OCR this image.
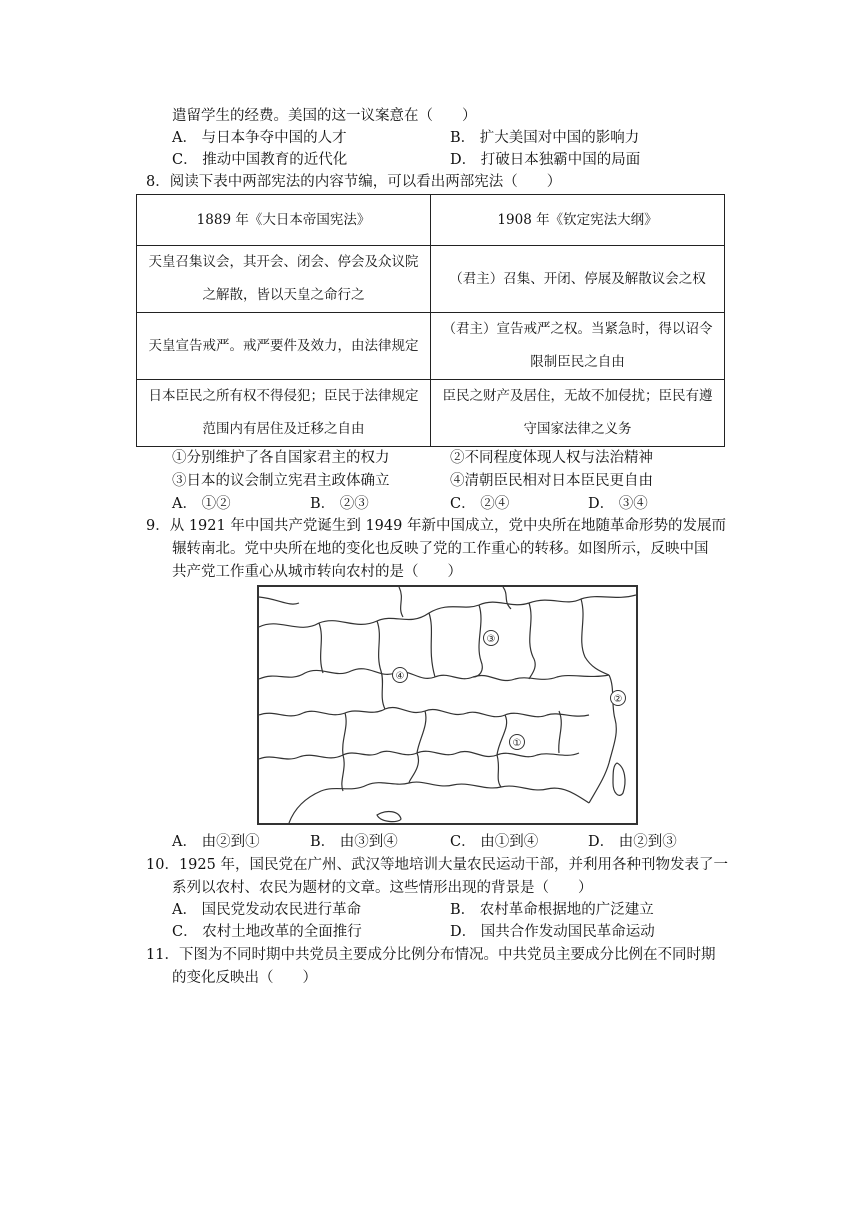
遣留学生的经费。美国的这一议案意在（　　）
A． 与日本争夺中国的人才	B． 扩大美国对中国的影响力
C． 推动中国教育的近代化	D． 打破日本独霸中国的局面
8．阅读下表中两部宪法的内容节编，可以看出两部宪法（　　）
1889 年《大日本帝国宪法》	1908 年《钦定宪法大纲》
天皇召集议会，其开会、闭会、停会及众议院之解散，皆以天皇之命行之	（君主）召集、开闭、停展及解散议会之权
天皇宣告戒严。戒严要件及效力，由法律规定	（君主）宣告戒严之权。当紧急时，得以诏令限制臣民之自由
日本臣民之所有权不得侵犯；臣民于法律规定范围内有居住及迁移之自由	臣民之财产及居住，无故不加侵扰；臣民有遵守国家法律之义务
①分别维护了各自国家君主的权力	②不同程度体现人权与法治精神
③日本的议会制立宪君主政体确立	④清朝臣民相对日本臣民更自由
A． ①②	B． ②③	C． ②④	D． ③④
9．从 1921 年中国共产党诞生到 1949 年新中国成立，党中央所在地随革命形势的发展而
辗转南北。党中央所在地的变化也反映了党的工作重心的转移。如图所示，反映中国
共产党工作重心从城市转向农村的是（　　）
③
②
④
①
A． 由②到①	B． 由③到④	C． 由①到④	D． 由②到③
10．1925 年，国民党在广州、武汉等地培训大量农民运动干部，并利用各种刊物发表了一
系列以农村、农民为题材的文章。这些情形出现的背景是（　　）
A． 国民党发动农民进行革命	B． 农村革命根据地的广泛建立
C． 农村土地改革的全面推行	D． 国共合作发动国民革命运动
11．下图为不同时期中共党员主要成分比例分布情况。中共党员主要成分比例在不同时期
的变化反映出（　　）
